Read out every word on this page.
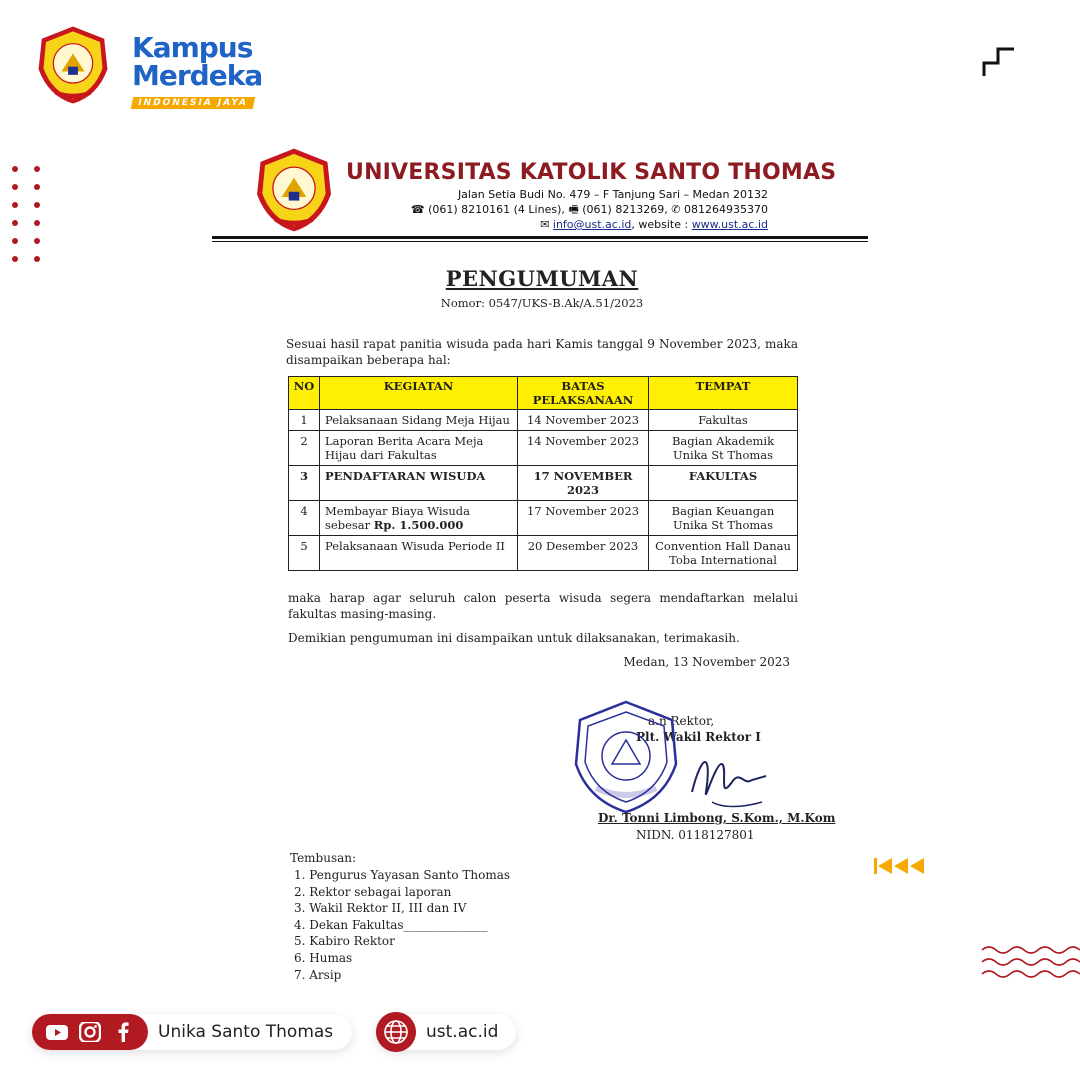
Kampus
Merdeka
INDONESIA JAYA
UNIVERSITAS KATOLIK SANTO THOMAS
Jalan Setia Budi No. 479 – F Tanjung Sari – Medan 20132
☎ (061) 8210161 (4 Lines), 🖷 (061) 8213269, ✆ 081264935370
✉ info@ust.ac.id, website : www.ust.ac.id
PENGUMUMAN
Nomor: 0547/UKS-B.Ak/A.51/2023
Sesuai hasil rapat panitia wisuda pada hari Kamis tanggal 9 November 2023, maka disampaikan beberapa hal:
NO	KEGIATAN	BATAS PELAKSANAAN	TEMPAT
1	Pelaksanaan Sidang Meja Hijau	14 November 2023	Fakultas
2	Laporan Berita Acara Meja Hijau dari Fakultas	14 November 2023	Bagian Akademik Unika St Thomas
3	PENDAFTARAN WISUDA	17 NOVEMBER 2023	FAKULTAS
4	Membayar Biaya Wisuda sebesar Rp. 1.500.000	17 November 2023	Bagian Keuangan Unika St Thomas
5	Pelaksanaan Wisuda Periode II	20 Desember 2023	Convention Hall Danau Toba International
maka harap agar seluruh calon peserta wisuda segera mendaftarkan melalui fakultas masing-masing.
Demikian pengumuman ini disampaikan untuk dilaksanakan, terimakasih.
Medan, 13 November 2023
a.n Rektor,
Plt. Wakil Rektor I
Dr. Tonni Limbong, S.Kom., M.Kom
NIDN. 0118127801
Tembusan:
1. Pengurus Yayasan Santo Thomas
2. Rektor sebagai laporan
3. Wakil Rektor II, III dan IV
4. Dekan Fakultas______________
5. Kabiro Rektor
6. Humas
7. Arsip
Unika Santo Thomas	ust.ac.id
